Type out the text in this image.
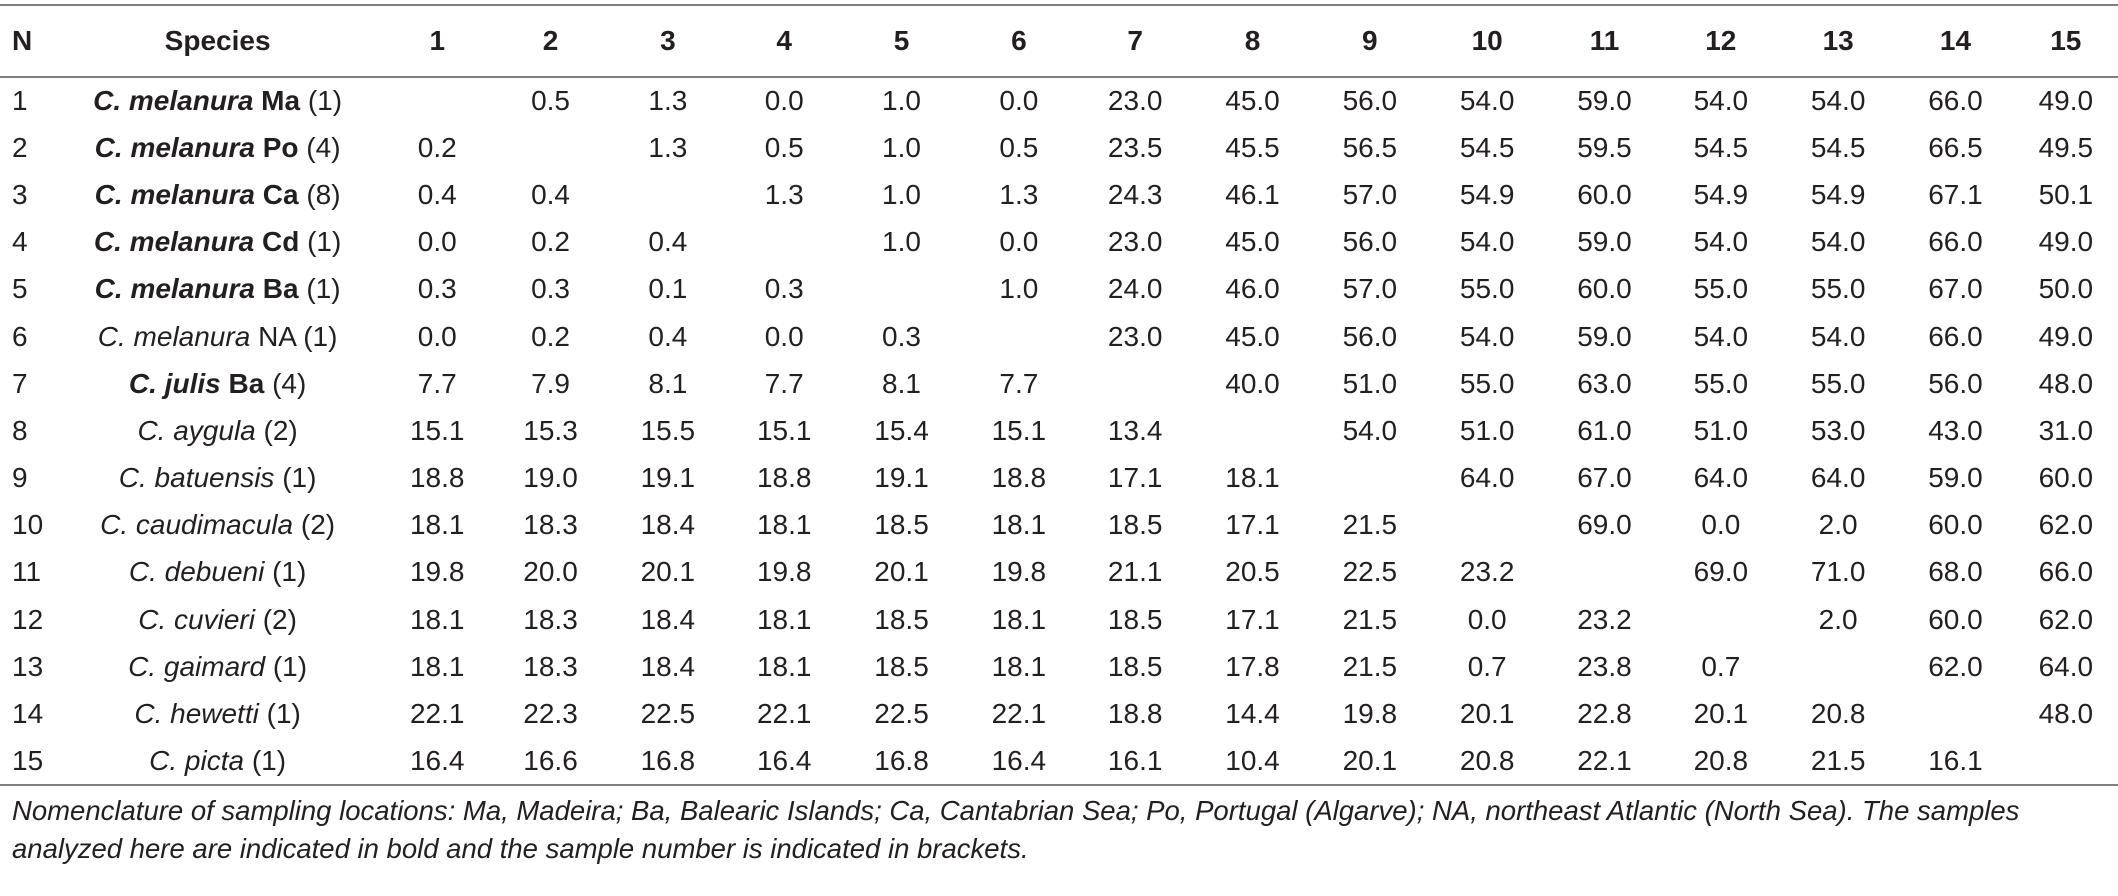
N	Species	1	2	3	4	5	6	7	8	9	10	11	12	13	14	15
1	C. melanura Ma (1)		0.5	1.3	0.0	1.0	0.0	23.0	45.0	56.0	54.0	59.0	54.0	54.0	66.0	49.0
2	C. melanura Po (4)	0.2		1.3	0.5	1.0	0.5	23.5	45.5	56.5	54.5	59.5	54.5	54.5	66.5	49.5
3	C. melanura Ca (8)	0.4	0.4		1.3	1.0	1.3	24.3	46.1	57.0	54.9	60.0	54.9	54.9	67.1	50.1
4	C. melanura Cd (1)	0.0	0.2	0.4		1.0	0.0	23.0	45.0	56.0	54.0	59.0	54.0	54.0	66.0	49.0
5	C. melanura Ba (1)	0.3	0.3	0.1	0.3		1.0	24.0	46.0	57.0	55.0	60.0	55.0	55.0	67.0	50.0
6	C. melanura NA (1)	0.0	0.2	0.4	0.0	0.3		23.0	45.0	56.0	54.0	59.0	54.0	54.0	66.0	49.0
7	C. julis Ba (4)	7.7	7.9	8.1	7.7	8.1	7.7		40.0	51.0	55.0	63.0	55.0	55.0	56.0	48.0
8	C. aygula (2)	15.1	15.3	15.5	15.1	15.4	15.1	13.4		54.0	51.0	61.0	51.0	53.0	43.0	31.0
9	C. batuensis (1)	18.8	19.0	19.1	18.8	19.1	18.8	17.1	18.1		64.0	67.0	64.0	64.0	59.0	60.0
10	C. caudimacula (2)	18.1	18.3	18.4	18.1	18.5	18.1	18.5	17.1	21.5		69.0	0.0	2.0	60.0	62.0
11	C. debueni (1)	19.8	20.0	20.1	19.8	20.1	19.8	21.1	20.5	22.5	23.2		69.0	71.0	68.0	66.0
12	C. cuvieri (2)	18.1	18.3	18.4	18.1	18.5	18.1	18.5	17.1	21.5	0.0	23.2		2.0	60.0	62.0
13	C. gaimard (1)	18.1	18.3	18.4	18.1	18.5	18.1	18.5	17.8	21.5	0.7	23.8	0.7		62.0	64.0
14	C. hewetti (1)	22.1	22.3	22.5	22.1	22.5	22.1	18.8	14.4	19.8	20.1	22.8	20.1	20.8		48.0
15	C. picta (1)	16.4	16.6	16.8	16.4	16.8	16.4	16.1	10.4	20.1	20.8	22.1	20.8	21.5	16.1	
Nomenclature of sampling locations: Ma, Madeira; Ba, Balearic Islands; Ca, Cantabrian Sea; Po, Portugal (Algarve); NA, northeast Atlantic (North Sea). The samples analyzed here are indicated in bold and the sample number is indicated in brackets.
